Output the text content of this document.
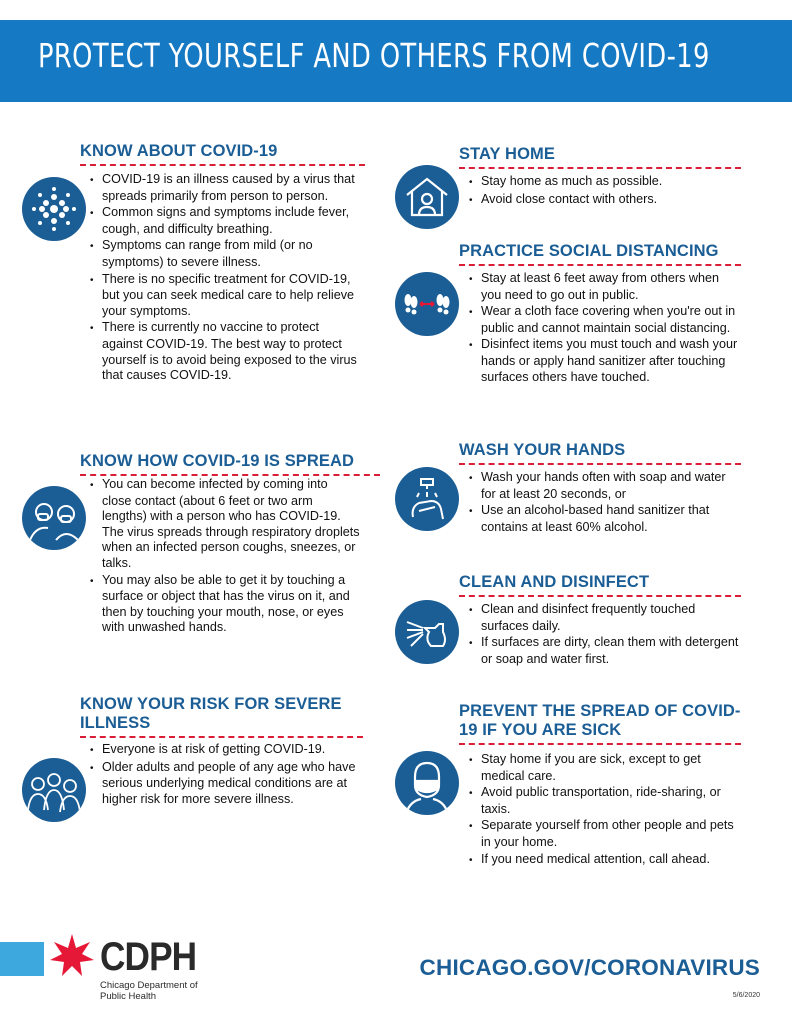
PROTECT YOURSELF AND OTHERS FROM COVID-19
KNOW ABOUT COVID-19
• COVID-19 is an illness caused by a virus that spreads primarily from person to person.
• Common signs and symptoms include fever, cough, and difficulty breathing.
• Symptoms can range from mild (or no symptoms) to severe illness.
• There is no specific treatment for COVID-19, but you can seek medical care to help relieve your symptoms.
• There is currently no vaccine to protect against COVID-19. The best way to protect yourself is to avoid being exposed to the virus that causes COVID-19.
KNOW HOW COVID-19 IS SPREAD
• You can become infected by coming into close contact (about 6 feet or two arm lengths) with a person who has COVID-19. The virus spreads through respiratory droplets when an infected person coughs, sneezes, or talks.
• You may also be able to get it by touching a surface or object that has the virus on it, and then by touching your mouth, nose, or eyes with unwashed hands.
KNOW YOUR RISK FOR SEVERE ILLNESS
• Everyone is at risk of getting COVID-19.
• Older adults and people of any age who have serious underlying medical conditions are at higher risk for more severe illness.
STAY HOME
• Stay home as much as possible.
• Avoid close contact with others.
PRACTICE SOCIAL DISTANCING
• Stay at least 6 feet away from others when you need to go out in public.
• Wear a cloth face covering when you're out in public and cannot maintain social distancing.
• Disinfect items you must touch and wash your hands or apply hand sanitizer after touching surfaces others have touched.
WASH YOUR HANDS
• Wash your hands often with soap and water for at least 20 seconds, or
• Use an alcohol-based hand sanitizer that contains at least 60% alcohol.
CLEAN AND DISINFECT
• Clean and disinfect frequently touched surfaces daily.
• If surfaces are dirty, clean them with detergent or soap and water first.
PREVENT THE SPREAD OF COVID-19 IF YOU ARE SICK
• Stay home if you are sick, except to get medical care.
• Avoid public transportation, ride-sharing, or taxis.
• Separate yourself from other people and pets in your home.
• If you need medical attention, call ahead.
CDPH
Chicago Department of Public Health
CHICAGO.GOV/CORONAVIRUS
5/6/2020
